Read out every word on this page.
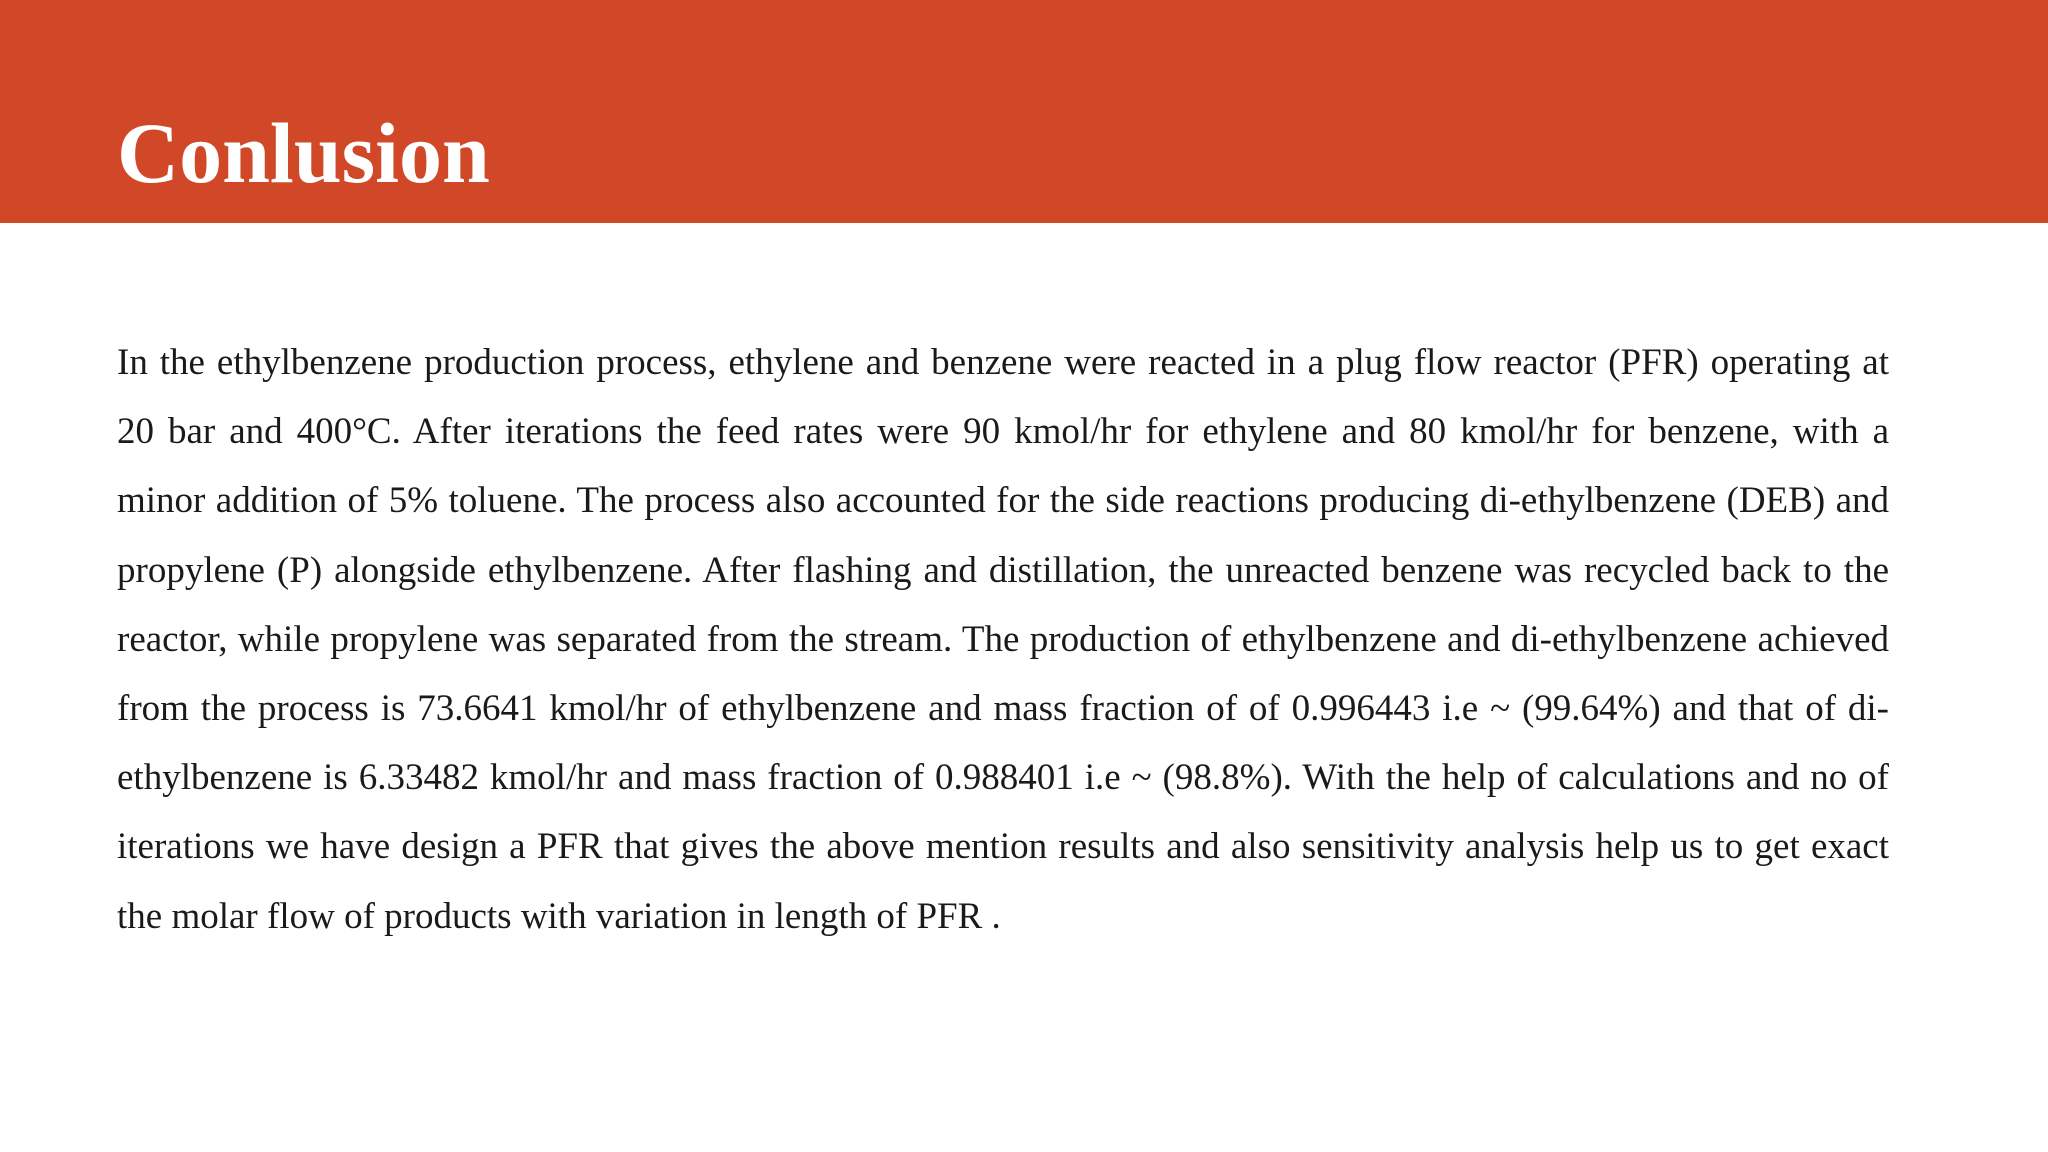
Conlusion

In the ethylbenzene production process, ethylene and benzene were reacted in a plug flow reactor (PFR) operating at 20 bar and 400°C. After iterations the feed rates were 90 kmol/hr for ethylene and 80 kmol/hr for benzene, with a minor addition of 5% toluene. The process also accounted for the side reactions producing di-ethylbenzene (DEB) and propylene (P) alongside ethylbenzene. After flashing and distillation, the unreacted benzene was recycled back to the reactor, while propylene was separated from the stream. The production of ethylbenzene and di-ethylbenzene achieved from the process is 73.6641 kmol/hr of ethylbenzene and mass fraction of of 0.996443 i.e ~ (99.64%) and that of di-ethylbenzene is 6.33482 kmol/hr and mass fraction of 0.988401 i.e ~ (98.8%). With the help of calculations and no of iterations we have design a PFR that gives the above mention results and also sensitivity analysis help us to get exact the molar flow of products with variation in length of PFR .
